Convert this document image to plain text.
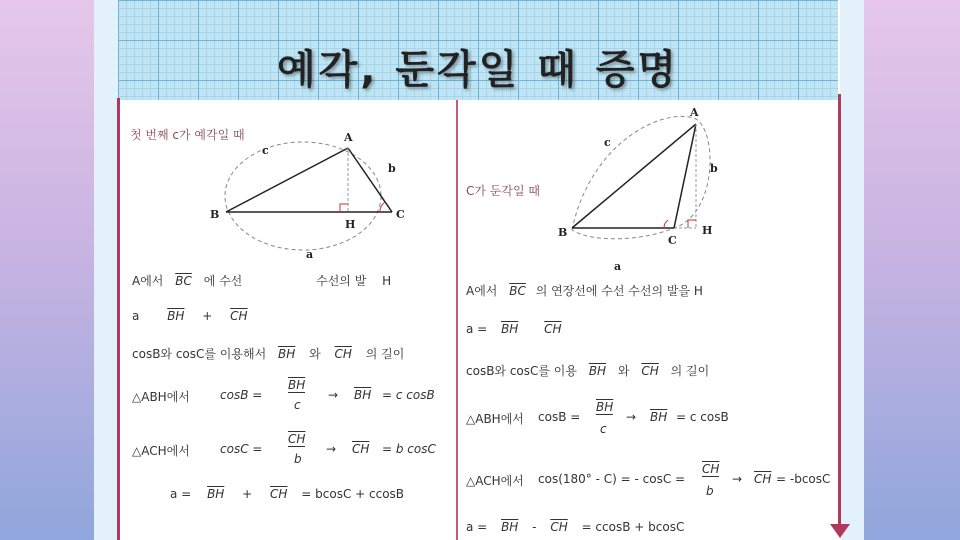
예각, 둔각일 때 증명
첫 번째 c가 예각일 때	A
B	C
H
a
b
c
A에서 $\overline{BC}$ 에 수선	수선의 발 H
a $\overline{BH} + \overline{CH}$
cosB와 cosC를 이용해서 $\overline{BH}$ 와 $\overline{CH}$ 의 길이
△ABH에서	cosB =
$\overline{BH}$
c
→ $\overline{BH} = c$ cosB
△ACH에서	cosC =
$\overline{CH}$
b
→ $\overline{CH} = b$ cosC
$a = \overline{BH} + \overline{CH} = bcosC + ccosB$
C가 둔각일 때
A
B
C
H
a
b
c
A에서 $\overline{BC}$ 의 연장선에 수선 수선의 발을 H
$a = \overline{BH}$ $\overline{CH}$
cosB와 cosC를 이용 $\overline{BH}$ 와 $\overline{CH}$ 의 길이
△ABH에서 cosB =
$\overline{BH}$
c
→ $\overline{BH} = c$ cosB
△ACH에서 cos(180° - C) = - cosC =
$\overline{CH}$
b
→ $\overline{CH} = -bcosC$
$a = \overline{BH} - \overline{CH} = ccosB + bcosC$
